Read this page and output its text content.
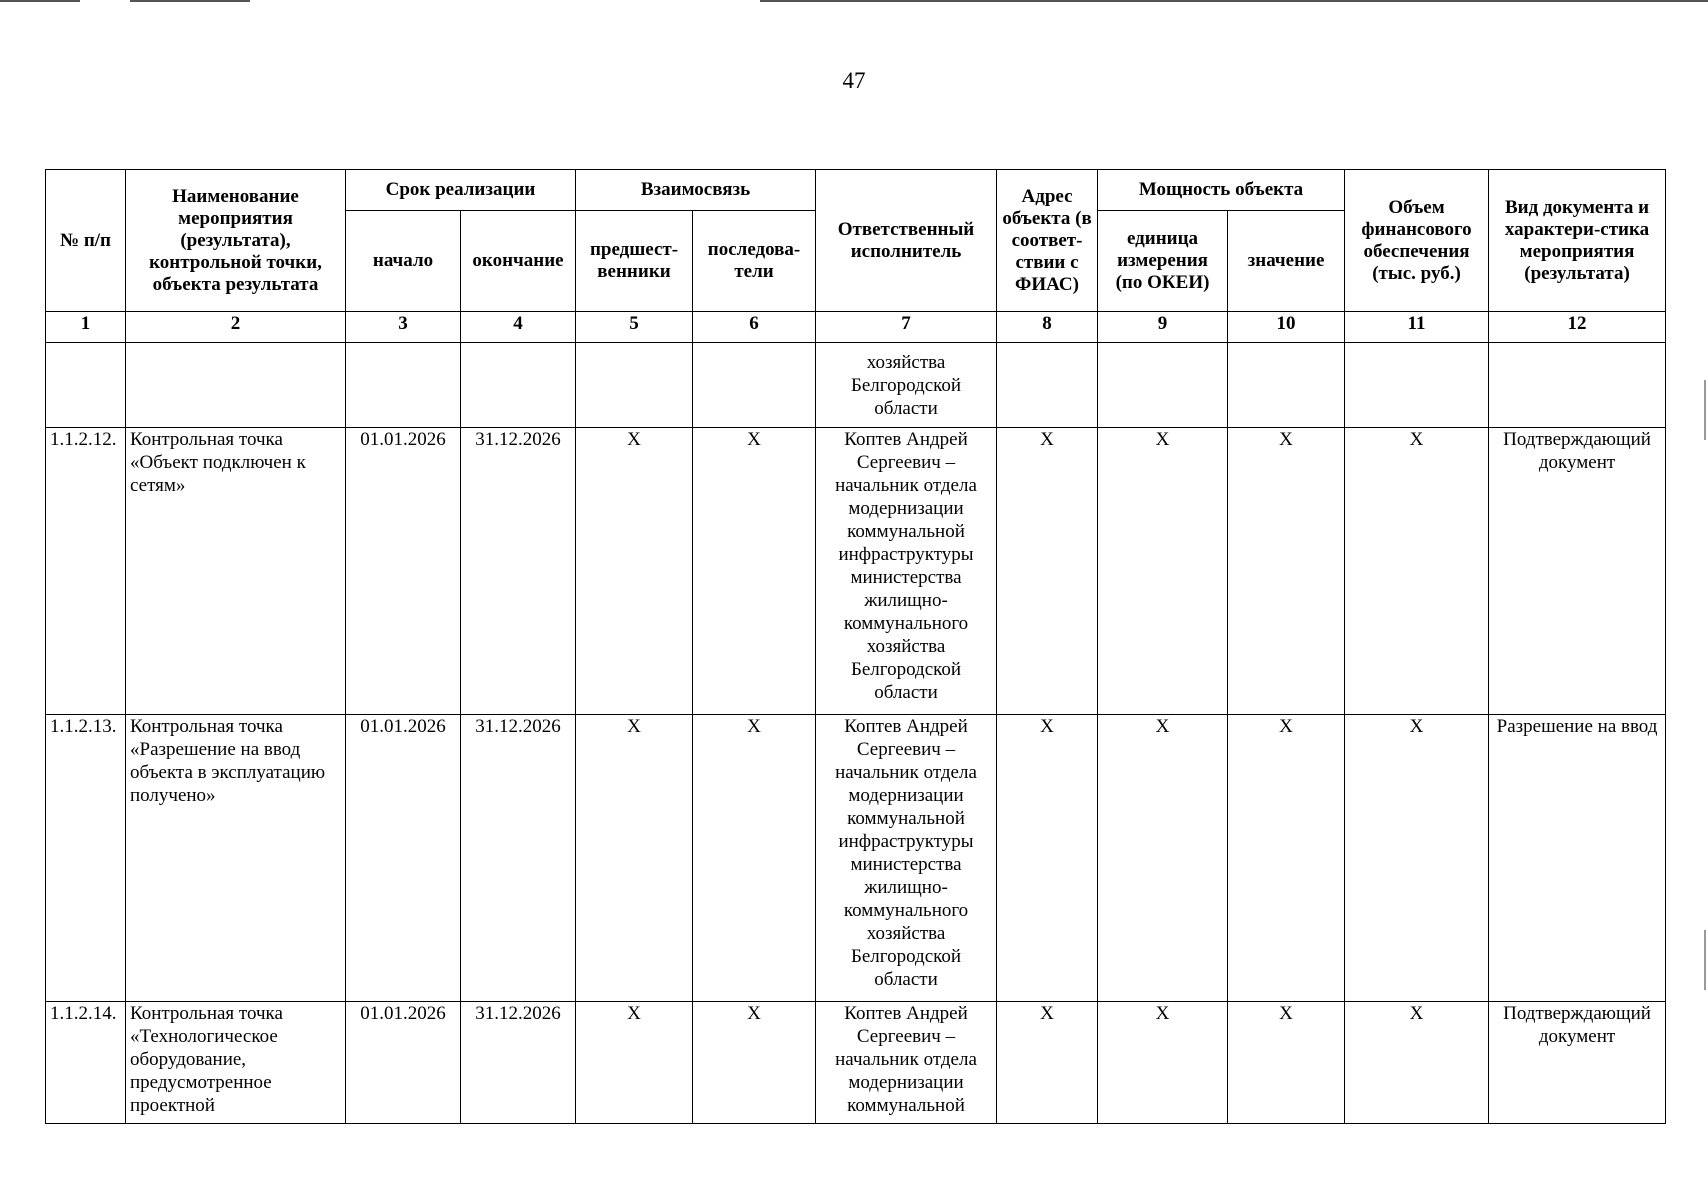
47
№ п/п	Наименование мероприятия (результата), контрольной точки, объекта результата	Срок реализации		Взаимосвязь		Ответственный исполнитель	Адрес объекта (в соответ-ствии с ФИАС)	Мощность объекта		Объем финансового обеспечения (тыс. руб.)	Вид документа и характери-стика мероприятия (результата)
		начало	окончание	предшест-венники	последова-тели			единица измерения (по ОКЕИ)	значение		
1	2	3	4	5	6	7	8	9	10	11	12
						хозяйства Белгородской области					
1.1.2.12.	Контрольная точка «Объект подключен к сетям»	01.01.2026	31.12.2026	Х	Х	Коптев Андрей Сергеевич – начальник отдела модернизации коммунальной инфраструктуры министерства жилищно-коммунального хозяйства Белгородской области	Х	Х	Х	Х	Подтверждающий документ
1.1.2.13.	Контрольная точка «Разрешение на ввод объекта в эксплуатацию получено»	01.01.2026	31.12.2026	Х	Х	Коптев Андрей Сергеевич – начальник отдела модернизации коммунальной инфраструктуры министерства жилищно-коммунального хозяйства Белгородской области	Х	Х	Х	Х	Разрешение на ввод
1.1.2.14.	Контрольная точка «Технологическое оборудование, предусмотренное проектной	01.01.2026	31.12.2026	Х	Х	Коптев Андрей Сергеевич – начальник отдела модернизации коммунальной	Х	Х	Х	Х	Подтверждающий документ
